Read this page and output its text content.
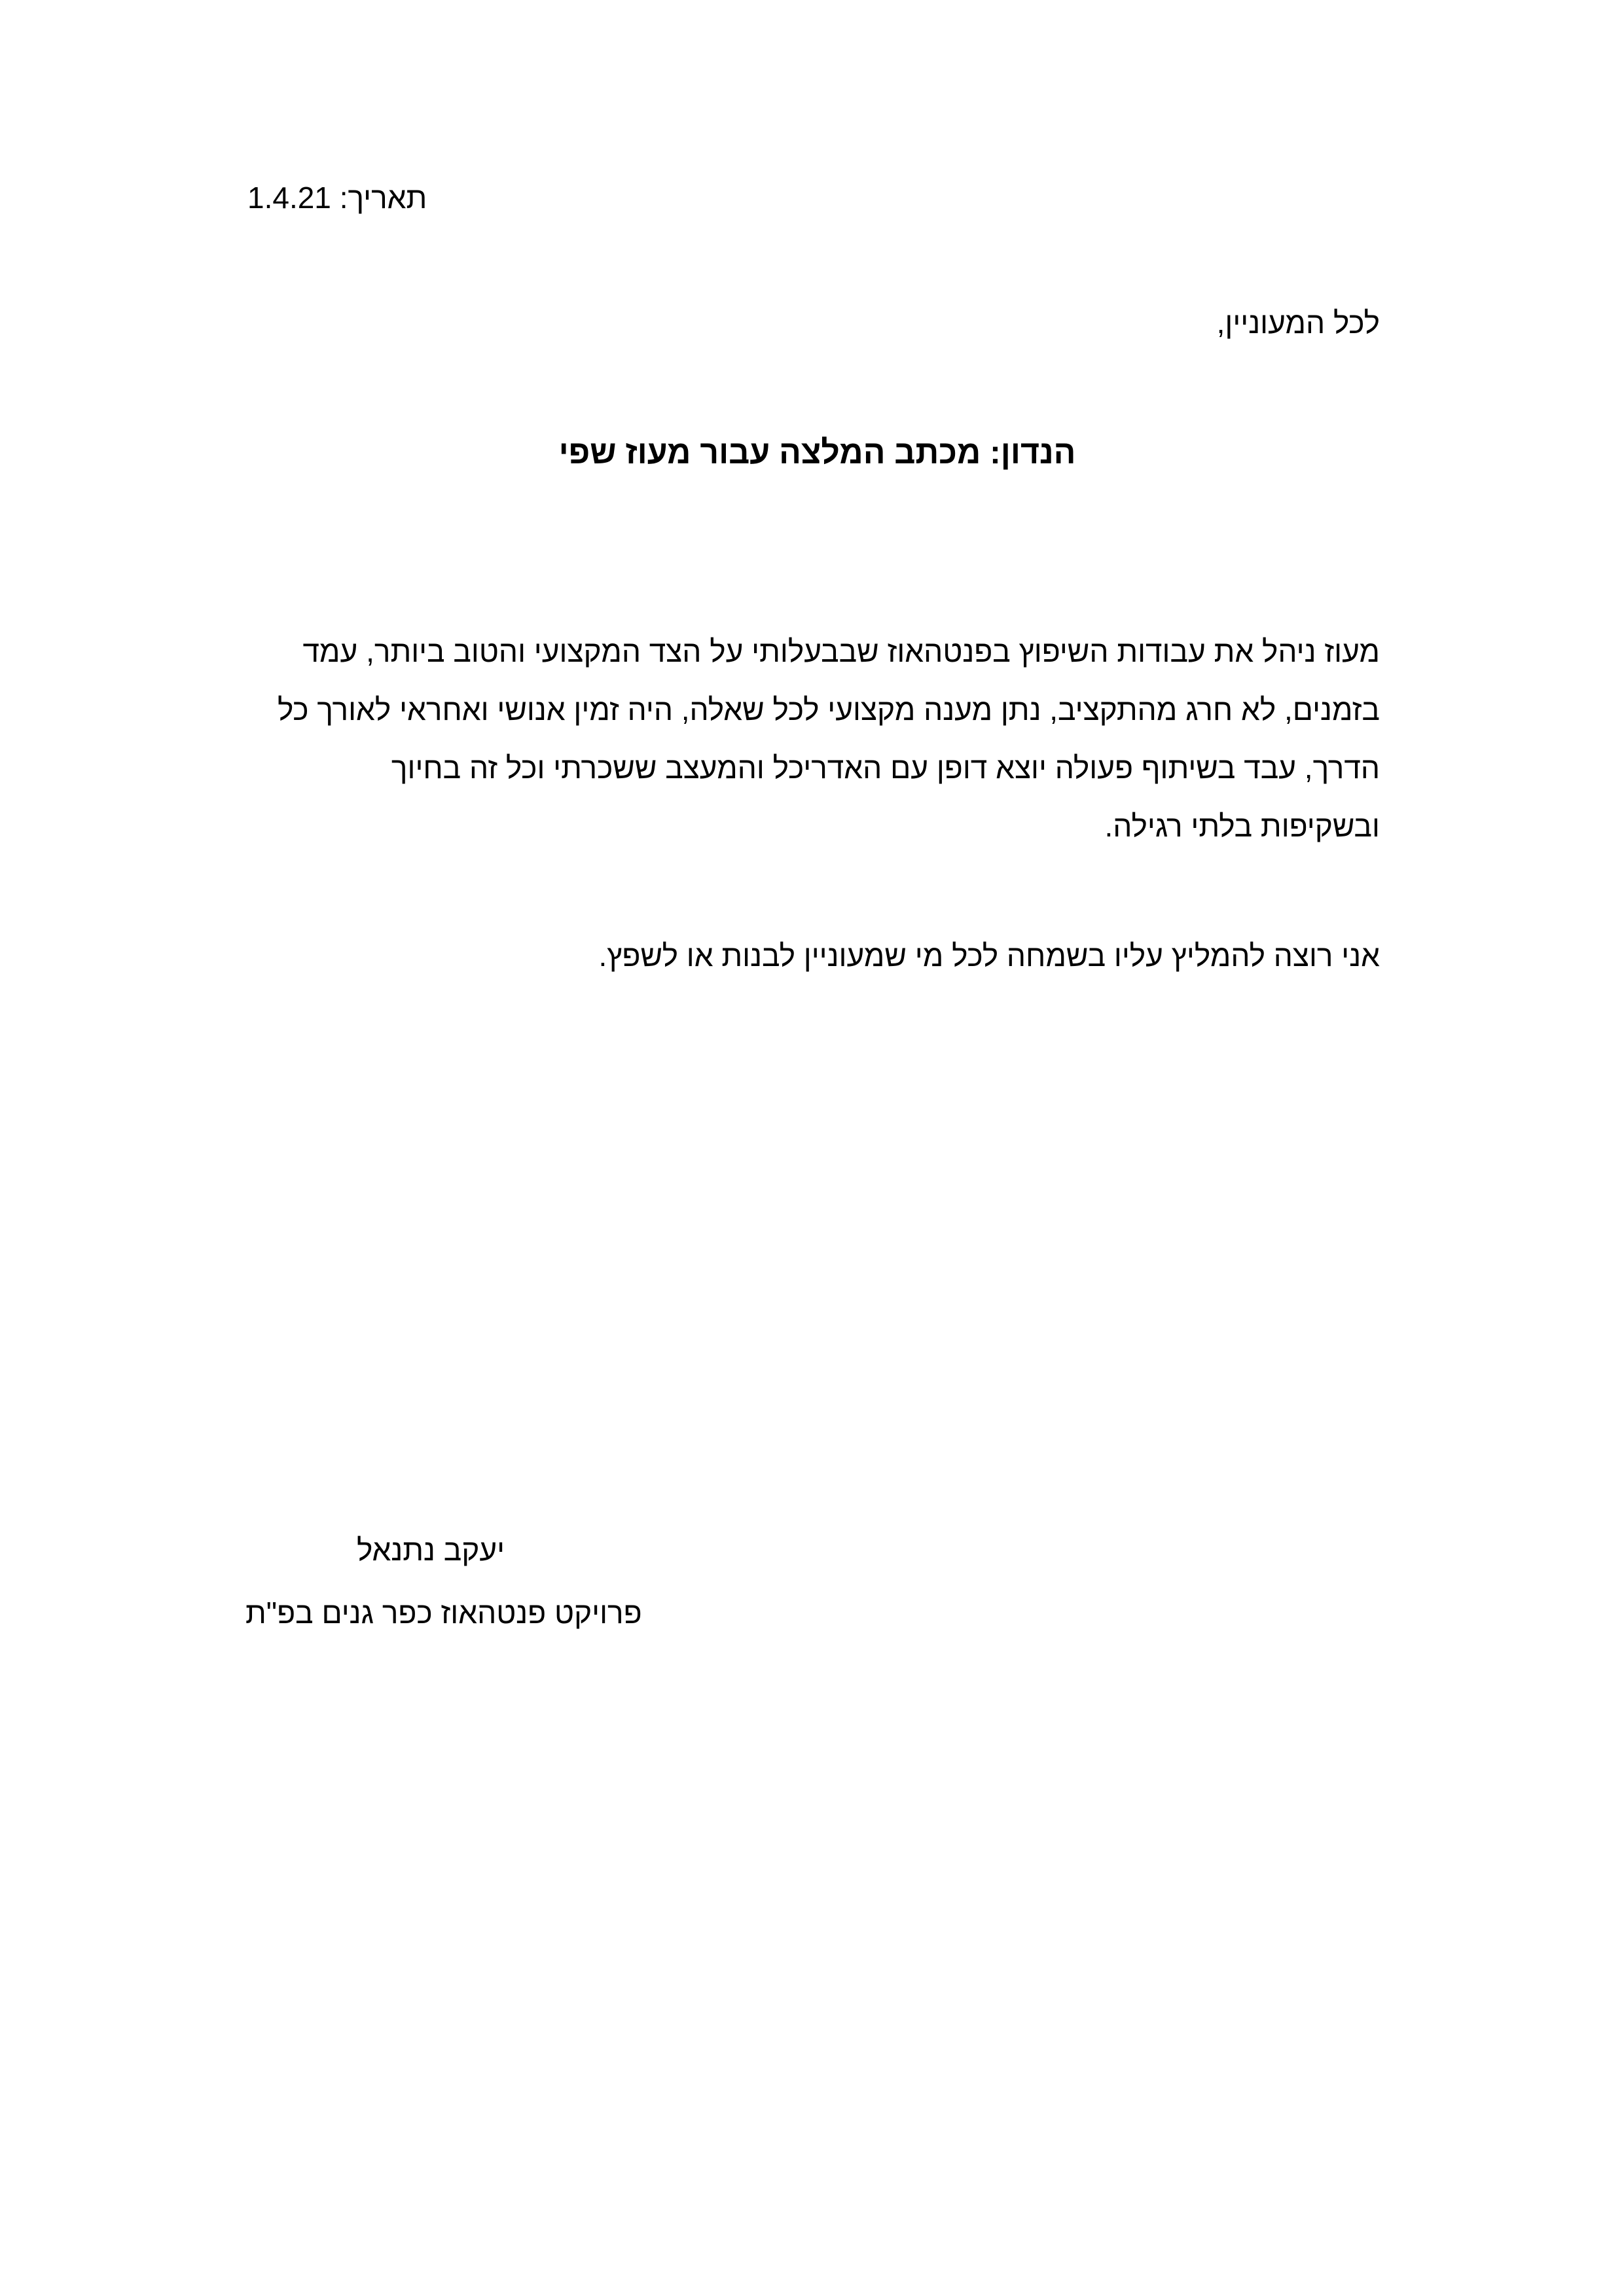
תאריך: 1.4.21

לכל המעוניין,

הנדון: מכתב המלצה עבור מעוז שפי

מעוז ניהל את עבודות השיפוץ בפנטהאוז שבבעלותי על הצד המקצועי והטוב ביותר, עמד
בזמנים, לא חרג מהתקציב, נתן מענה מקצועי לכל שאלה, היה זמין אנושי ואחראי לאורך כל
הדרך, עבד בשיתוף פעולה יוצא דופן עם האדריכל והמעצב ששכרתי וכל זה בחיוך
ובשקיפות בלתי רגילה.

אני רוצה להמליץ עליו בשמחה לכל מי שמעוניין לבנות או לשפץ.

יעקב נתנאל

פרויקט פנטהאוז כפר גנים בפ"ת
